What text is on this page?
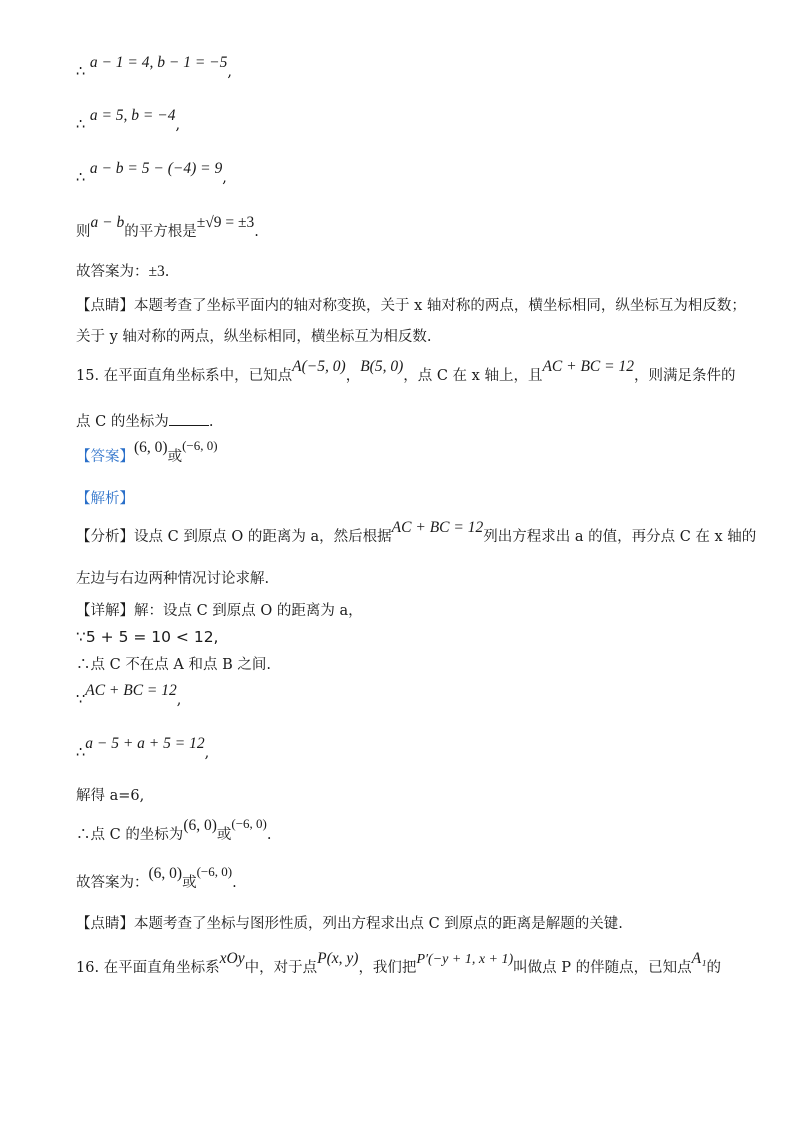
∴ a − 1 = 4, b − 1 = −5,
∴ a = 5, b = −4,
∴ a − b = 5 − (−4) = 9,
则a − b的平方根是±√9 = ±3.
故答案为：±3.
【点睛】本题考查了坐标平面内的轴对称变换，关于 x 轴对称的两点，横坐标相同，纵坐标互为相反数；
关于 y 轴对称的两点，纵坐标相同，横坐标互为相反数.
15. 在平面直角坐标系中，已知点A(−5, 0)，B(5, 0)，点 C 在 x 轴上，且AC + BC = 12，则满足条件的
点 C 的坐标为	.
【答案】(6, 0)或(−6, 0)
【解析】
【分析】设点 C 到原点 O 的距离为 a，然后根据AC + BC = 12列出方程求出 a 的值，再分点 C 在 x 轴的
左边与右边两种情况讨论求解.
【详解】解：设点 C 到原点 O 的距离为 a，
∵5 + 5 = 10 < 12,
∴点 C 不在点 A 和点 B 之间.
∵AC + BC = 12,
∴a − 5 + a + 5 = 12,
解得 a=6,
∴点 C 的坐标为(6, 0)或(−6, 0).
故答案为：(6, 0)或(−6, 0).
【点睛】本题考查了坐标与图形性质，列出方程求出点 C 到原点的距离是解题的关键.
16. 在平面直角坐标系xOy中，对于点P(x, y)，我们把P′(−y + 1, x + 1)叫做点 P 的伴随点，已知点A₁的
